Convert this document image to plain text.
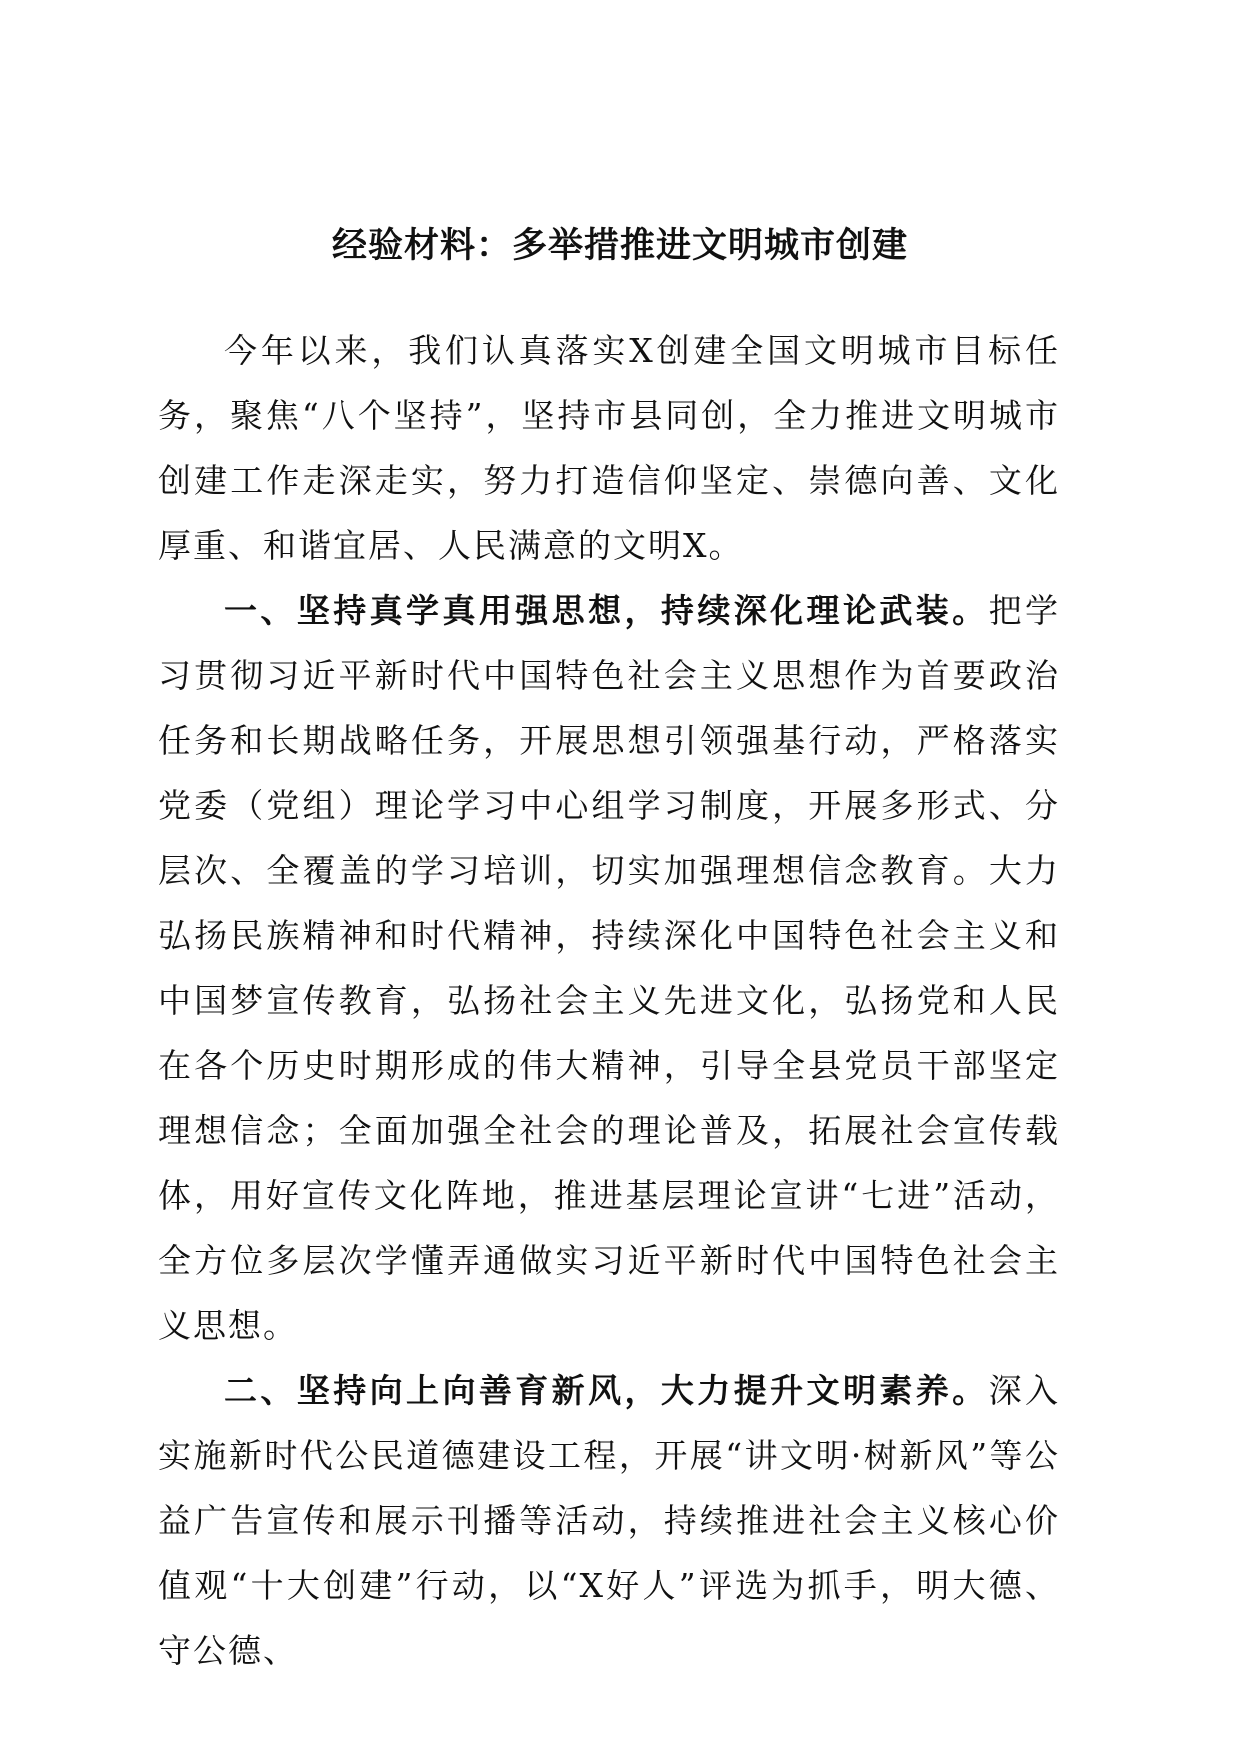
经验材料：多举措推进文明城市创建

今年以来，我们认真落实X创建全国文明城市目标任务，聚焦“八个坚持”，坚持市县同创，全力推进文明城市创建工作走深走实，努力打造信仰坚定、崇德向善、文化厚重、和谐宜居、人民满意的文明X。

一、坚持真学真用强思想，持续深化理论武装。把学习贯彻习近平新时代中国特色社会主义思想作为首要政治任务和长期战略任务，开展思想引领强基行动，严格落实党委（党组）理论学习中心组学习制度，开展多形式、分层次、全覆盖的学习培训，切实加强理想信念教育。大力弘扬民族精神和时代精神，持续深化中国特色社会主义和中国梦宣传教育，弘扬社会主义先进文化，弘扬党和人民在各个历史时期形成的伟大精神，引导全县党员干部坚定理想信念；全面加强全社会的理论普及，拓展社会宣传载体，用好宣传文化阵地，推进基层理论宣讲“七进”活动，全方位多层次学懂弄通做实习近平新时代中国特色社会主义思想。

二、坚持向上向善育新风，大力提升文明素养。深入实施新时代公民道德建设工程，开展“讲文明·树新风”等公益广告宣传和展示刊播等活动，持续推进社会主义核心价值观“十大创建”行动，以“X好人”评选为抓手，明大德、守公德、
